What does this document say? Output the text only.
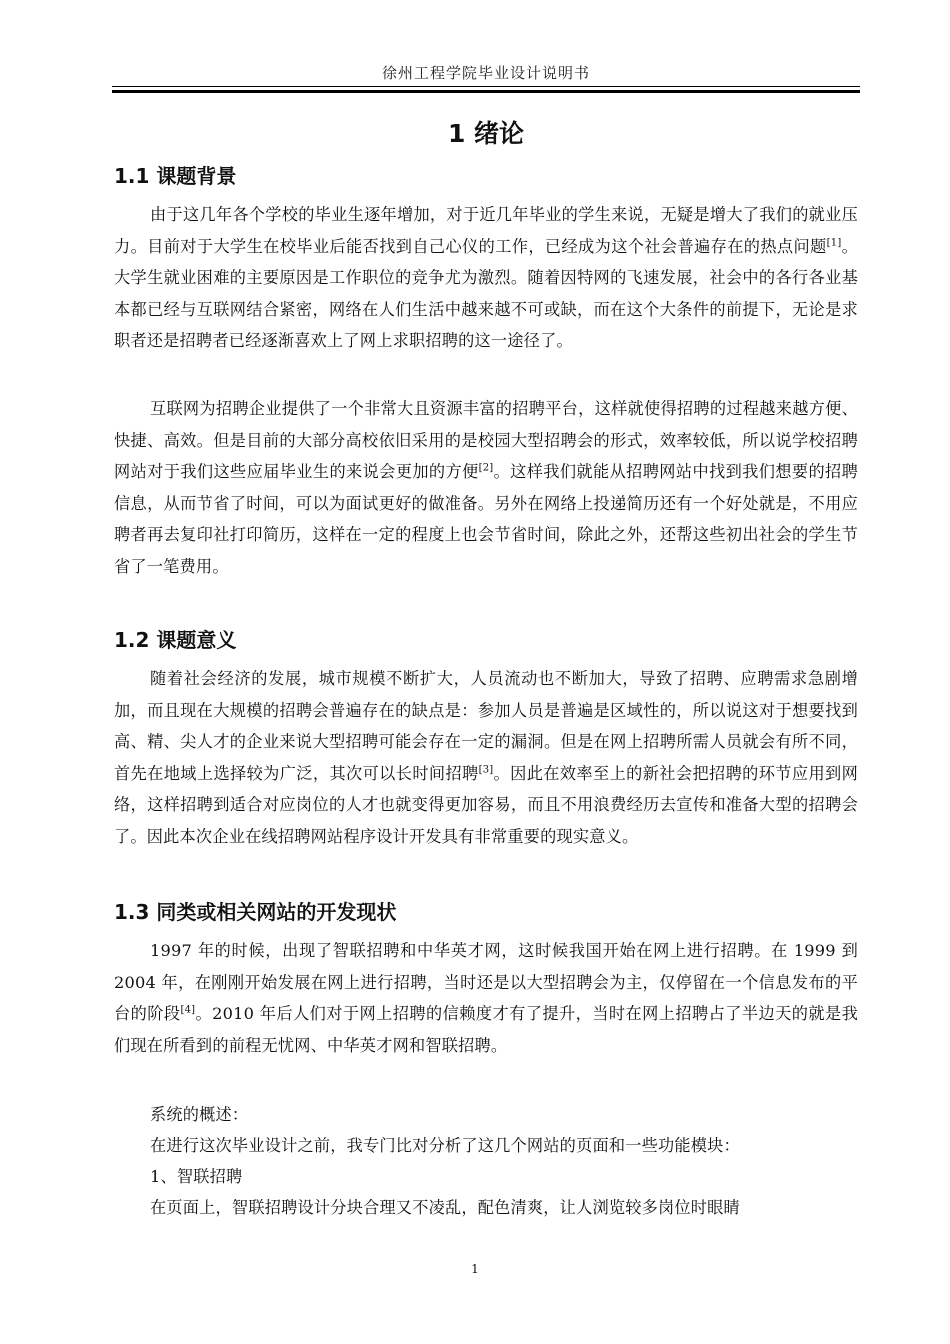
徐州工程学院毕业设计说明书
1 绪论
1.1 课题背景

由于这几年各个学校的毕业生逐年增加，对于近几年毕业的学生来说，无疑是增大了我们的就业压力。目前对于大学生在校毕业后能否找到自己心仪的工作，已经成为这个社会普遍存在的热点问题[1]。大学生就业困难的主要原因是工作职位的竞争尤为激烈。随着因特网的飞速发展，社会中的各行各业基本都已经与互联网结合紧密，网络在人们生活中越来越不可或缺，而在这个大条件的前提下，无论是求职者还是招聘者已经逐渐喜欢上了网上求职招聘的这一途径了。

互联网为招聘企业提供了一个非常大且资源丰富的招聘平台，这样就使得招聘的过程越来越方便、快捷、高效。但是目前的大部分高校依旧采用的是校园大型招聘会的形式，效率较低，所以说学校招聘网站对于我们这些应届毕业生的来说会更加的方便[2]。这样我们就能从招聘网站中找到我们想要的招聘信息，从而节省了时间，可以为面试更好的做准备。另外在网络上投递简历还有一个好处就是，不用应聘者再去复印社打印简历，这样在一定的程度上也会节省时间，除此之外，还帮这些初出社会的学生节省了一笔费用。

1.2 课题意义

随着社会经济的发展，城市规模不断扩大，人员流动也不断加大，导致了招聘、应聘需求急剧增加，而且现在大规模的招聘会普遍存在的缺点是：参加人员是普遍是区域性的，所以说这对于想要找到高、精、尖人才的企业来说大型招聘可能会存在一定的漏洞。但是在网上招聘所需人员就会有所不同，首先在地域上选择较为广泛，其次可以长时间招聘[3]。因此在效率至上的新社会把招聘的环节应用到网络，这样招聘到适合对应岗位的人才也就变得更加容易，而且不用浪费经历去宣传和准备大型的招聘会了。因此本次企业在线招聘网站程序设计开发具有非常重要的现实意义。

1.3 同类或相关网站的开发现状

1997 年的时候，出现了智联招聘和中华英才网，这时候我国开始在网上进行招聘。在 1999 到 2004 年，在刚刚开始发展在网上进行招聘，当时还是以大型招聘会为主，仅停留在一个信息发布的平台的阶段[4]。2010 年后人们对于网上招聘的信赖度才有了提升，当时在网上招聘占了半边天的就是我们现在所看到的前程无忧网、中华英才网和智联招聘。

系统的概述：
在进行这次毕业设计之前，我专门比对分析了这几个网站的页面和一些功能模块：
1、智联招聘
在页面上，智联招聘设计分块合理又不凌乱，配色清爽，让人浏览较多岗位时眼睛
1
